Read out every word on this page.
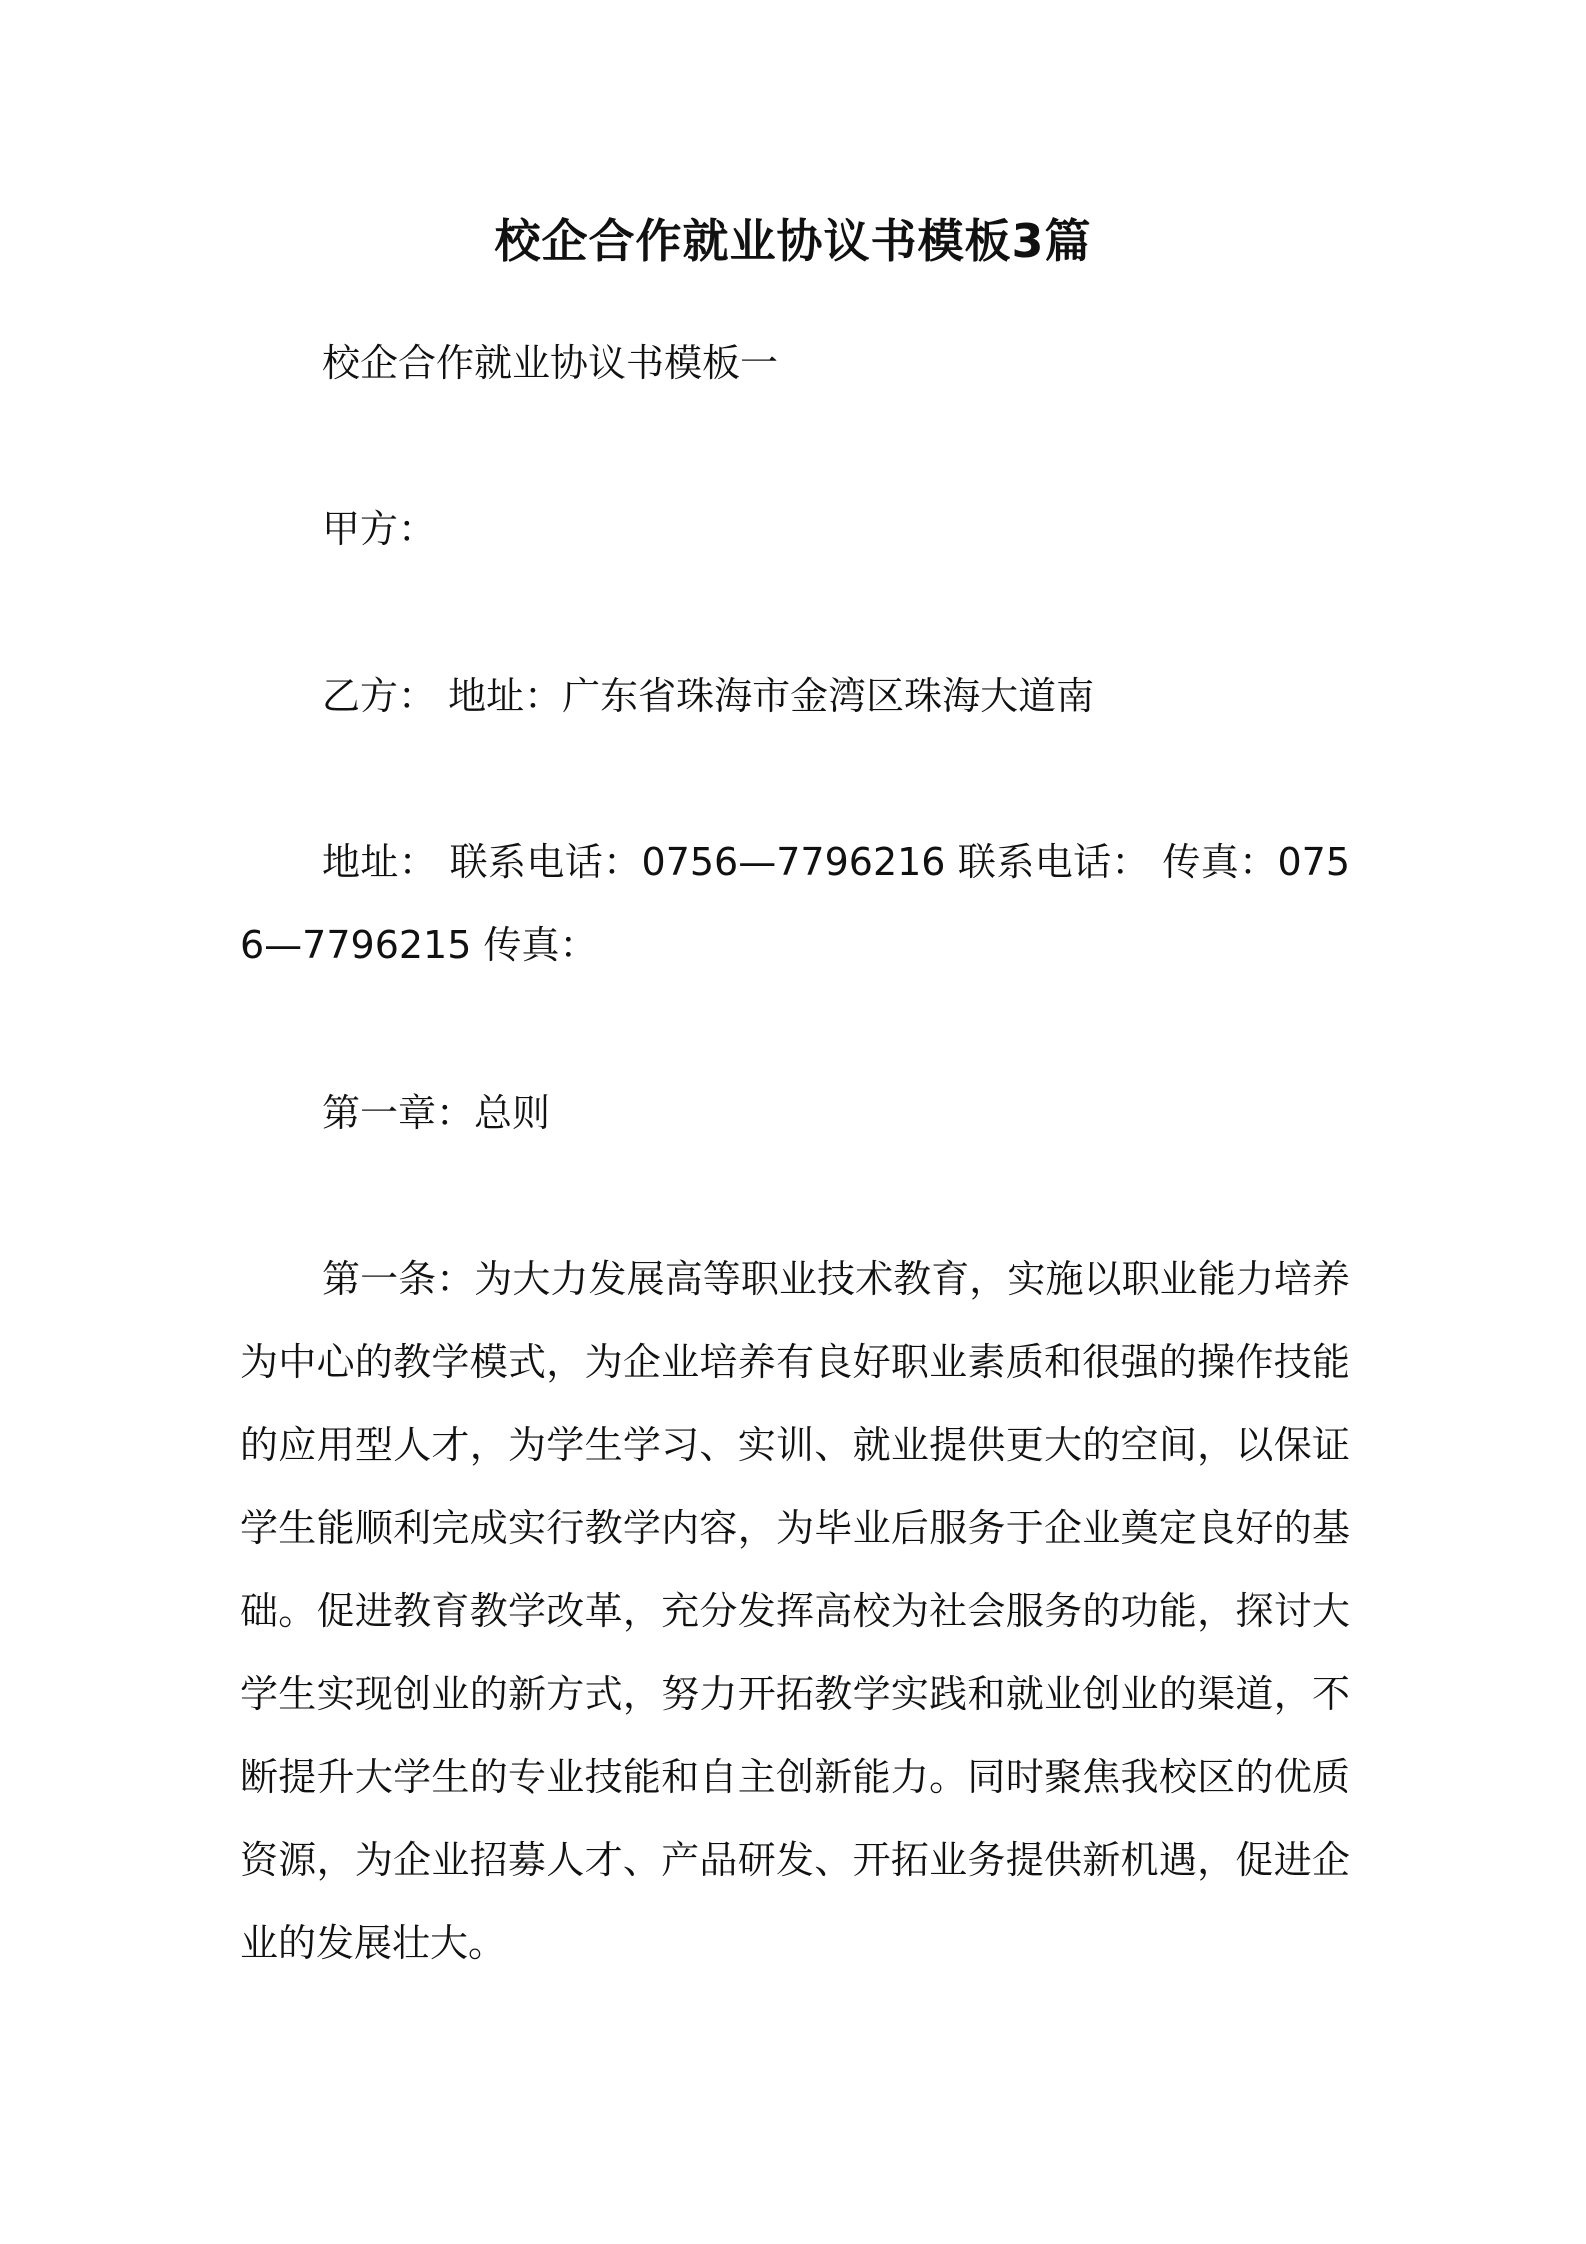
校企合作就业协议书模板3篇

校企合作就业协议书模板一

甲方：

乙方： 地址：广东省珠海市金湾区珠海大道南

地址： 联系电话：0756—7796216 联系电话： 传真：0756—7796215 传真：

第一章：总则

第一条：为大力发展高等职业技术教育，实施以职业能力培养为中心的教学模式，为企业培养有良好职业素质和很强的操作技能的应用型人才，为学生学习、实训、就业提供更大的空间，以保证学生能顺利完成实行教学内容，为毕业后服务于企业奠定良好的基础。促进教育教学改革，充分发挥高校为社会服务的功能，探讨大学生实现创业的新方式，努力开拓教学实践和就业创业的渠道，不断提升大学生的专业技能和自主创新能力。同时聚焦我校区的优质资源，为企业招募人才、产品研发、开拓业务提供新机遇，促进企业的发展壮大。
